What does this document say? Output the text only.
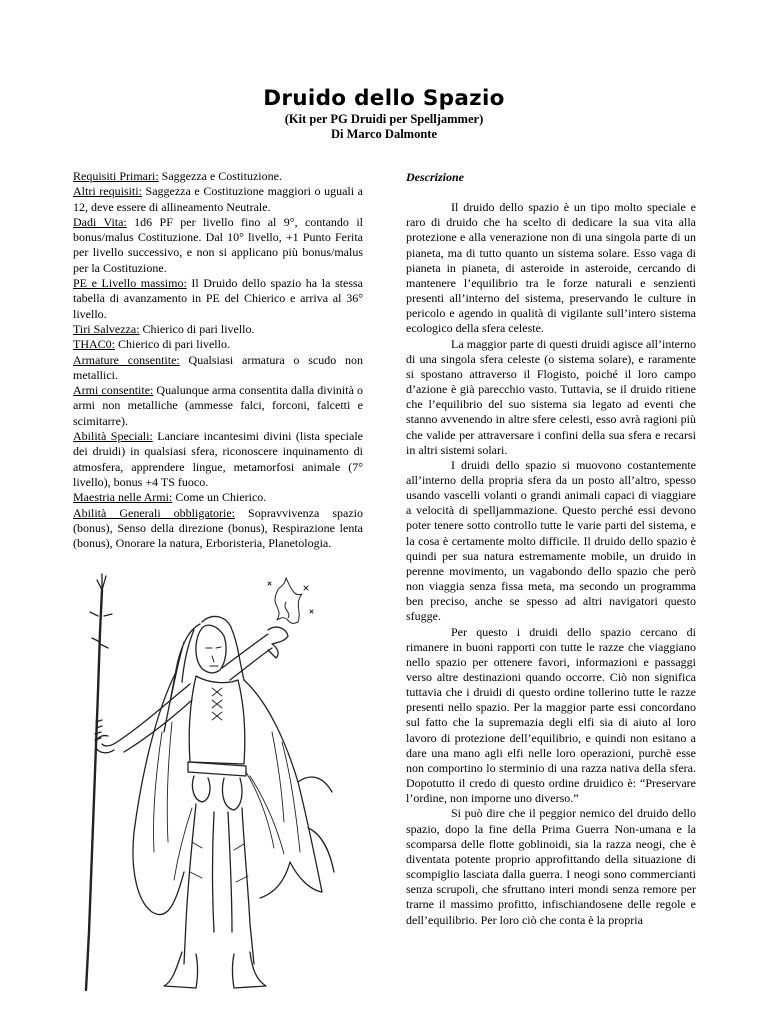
Druido dello Spazio
(Kit per PG Druidi per Spelljammer)
Di Marco Dalmonte

Requisiti Primari: Saggezza e Costituzione.

Altri requisiti: Saggezza e Costituzione maggiori o uguali a 12, deve essere di allineamento Neutrale.

Dadi Vita: 1d6 PF per livello fino al 9°, contando il bonus/malus Costituzione. Dal 10° livello, +1 Punto Ferita per livello successivo, e non si applicano più bonus/malus per la Costituzione.

PE e Livello massimo: Il Druido dello spazio ha la stessa tabella di avanzamento in PE del Chierico e arriva al 36° livello.

Tiri Salvezza: Chierico di pari livello.

THAC0: Chierico di pari livello.

Armature consentite: Qualsiasi armatura o scudo non metallici.

Armi consentite: Qualunque arma consentita dalla divinità o armi non metalliche (ammesse falci, forconi, falcetti e scimitarre).

Abilità Speciali: Lanciare incantesimi divini (lista speciale dei druidi) in qualsiasi sfera, riconoscere inquinamento di atmosfera, apprendere lingue, metamorfosi animale (7° livello), bonus +4 TS fuoco.

Maestria nelle Armi: Come un Chierico.

Abilità Generali obbligatorie: Sopravvivenza spazio (bonus), Senso della direzione (bonus), Respirazione lenta (bonus), Onorare la natura, Erboristeria, Planetologia.

Descrizione

Il druido dello spazio è un tipo molto speciale e raro di druido che ha scelto di dedicare la sua vita alla protezione e alla venerazione non di una singola parte di un pianeta, ma di tutto quanto un sistema solare. Esso vaga di pianeta in pianeta, di asteroide in asteroide, cercando di mantenere l’equilibrio tra le forze naturali e senzienti presenti all’interno del sistema, preservando le culture in pericolo e agendo in qualità di vigilante sull’intero sistema ecologico della sfera celeste.

La maggior parte di questi druidi agisce all’interno di una singola sfera celeste (o sistema solare), e raramente si spostano attraverso il Flogisto, poiché il loro campo d’azione è già parecchio vasto. Tuttavia, se il druido ritiene che l’equilibrio del suo sistema sia legato ad eventi che stanno avvenendo in altre sfere celesti, esso avrà ragioni più che valide per attraversare i confini della sua sfera e recarsi in altri sistemi solari.

I druidi dello spazio si muovono costantemente all’interno della propria sfera da un posto all’altro, spesso usando vascelli volanti o grandi animali capaci di viaggiare a velocità di spelljammazione. Questo perché essi devono poter tenere sotto controllo tutte le varie parti del sistema, e la cosa è certamente molto difficile. Il druido dello spazio è quindi per sua natura estremamente mobile, un druido in perenne movimento, un vagabondo dello spazio che però non viaggia senza fissa meta, ma secondo un programma ben preciso, anche se spesso ad altri navigatori questo sfugge.

Per questo i druidi dello spazio cercano di rimanere in buoni rapporti con tutte le razze che viaggiano nello spazio per ottenere favori, informazioni e passaggi verso altre destinazioni quando occorre. Ciò non significa tuttavia che i druidi di questo ordine tollerino tutte le razze presenti nello spazio. Per la maggior parte essi concordano sul fatto che la supremazia degli elfi sia di aiuto al loro lavoro di protezione dell’equilibrio, e quindi non esitano a dare una mano agli elfi nelle loro operazioni, purchè esse non comportino lo sterminio di una razza nativa della sfera. Dopotutto il credo di questo ordine druidico è: “Preservare l’ordine, non imporne uno diverso.”

Si può dire che il peggior nemico del druido dello spazio, dopo la fine della Prima Guerra Non-umana e la scomparsa delle flotte goblinoidi, sia la razza neogi, che è diventata potente proprio approfittando della situazione di scompiglio lasciata dalla guerra. I neogi sono commercianti senza scrupoli, che sfruttano interi mondi senza remore per trarne il massimo profitto, infischiandosene delle regole e dell’equilibrio. Per loro ciò che conta è la propria
